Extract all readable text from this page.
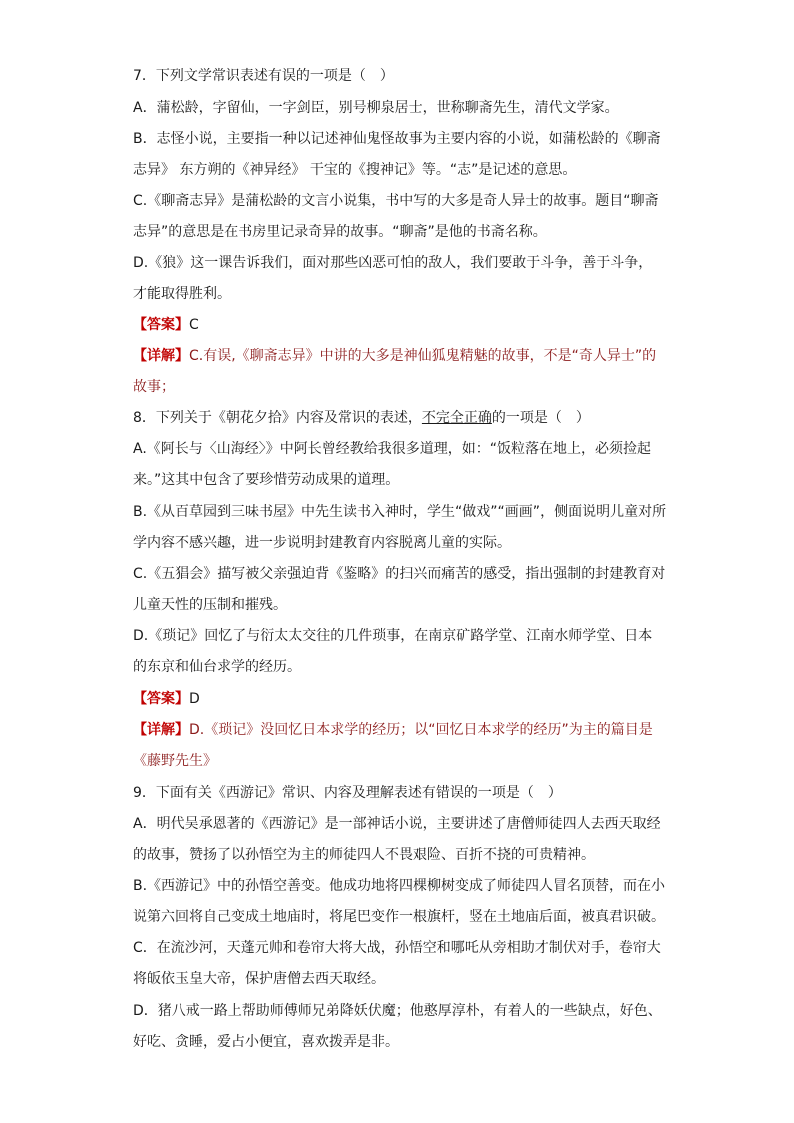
7．下列文学常识表述有误的一项是（　）
A．蒲松龄，字留仙，一字剑臣，别号柳泉居士，世称聊斋先生，清代文学家。
B．志怪小说，主要指一种以记述神仙鬼怪故事为主要内容的小说，如蒲松龄的《聊斋
志异》 东方朔的《神异经》 干宝的《搜神记》等。“志”是记述的意思。
C.《聊斋志异》是蒲松龄的文言小说集，书中写的大多是奇人异士的故事。题目“聊斋
志异”的意思是在书房里记录奇异的故事。“聊斋”是他的书斋名称。
D.《狼》这一课告诉我们，面对那些凶恶可怕的敌人，我们要敢于斗争，善于斗争，
才能取得胜利。
【答案】C
【详解】C.有误,《聊斋志异》中讲的大多是神仙狐鬼精魅的故事，不是“奇人异士”的
故事；
8．下列关于《朝花夕拾》内容及常识的表述，不完全正确的一项是（　）
A.《阿长与〈山海经〉》中阿长曾经教给我很多道理，如：“饭粒落在地上，必须捡起
来。”这其中包含了要珍惜劳动成果的道理。
B.《从百草园到三味书屋》中先生读书入神时，学生“做戏”“画画”，侧面说明儿童对所
学内容不感兴趣，进一步说明封建教育内容脱离儿童的实际。
C.《五猖会》描写被父亲强迫背《鉴略》的扫兴而痛苦的感受，指出强制的封建教育对
儿童天性的压制和摧残。
D.《琐记》回忆了与衍太太交往的几件琐事，在南京矿路学堂、江南水师学堂、日本
的东京和仙台求学的经历。
【答案】D
【详解】D.《琐记》没回忆日本求学的经历；以“回忆日本求学的经历”为主的篇目是
《藤野先生》
9．下面有关《西游记》常识、内容及理解表述有错误的一项是（　）
A．明代吴承恩著的《西游记》是一部神话小说，主要讲述了唐僧师徒四人去西天取经
的故事，赞扬了以孙悟空为主的师徒四人不畏艰险、百折不挠的可贵精神。
B.《西游记》中的孙悟空善变。他成功地将四棵柳树变成了师徒四人冒名顶替，而在小
说第六回将自己变成土地庙时，将尾巴变作一根旗杆，竖在土地庙后面，被真君识破。
C．在流沙河，天蓬元帅和卷帘大将大战，孙悟空和哪吒从旁相助才制伏对手，卷帘大
将皈依玉皇大帝，保护唐僧去西天取经。
D．猪八戒一路上帮助师傅师兄弟降妖伏魔；他憨厚淳朴，有着人的一些缺点，好色、
好吃、贪睡，爱占小便宜，喜欢拨弄是非。
